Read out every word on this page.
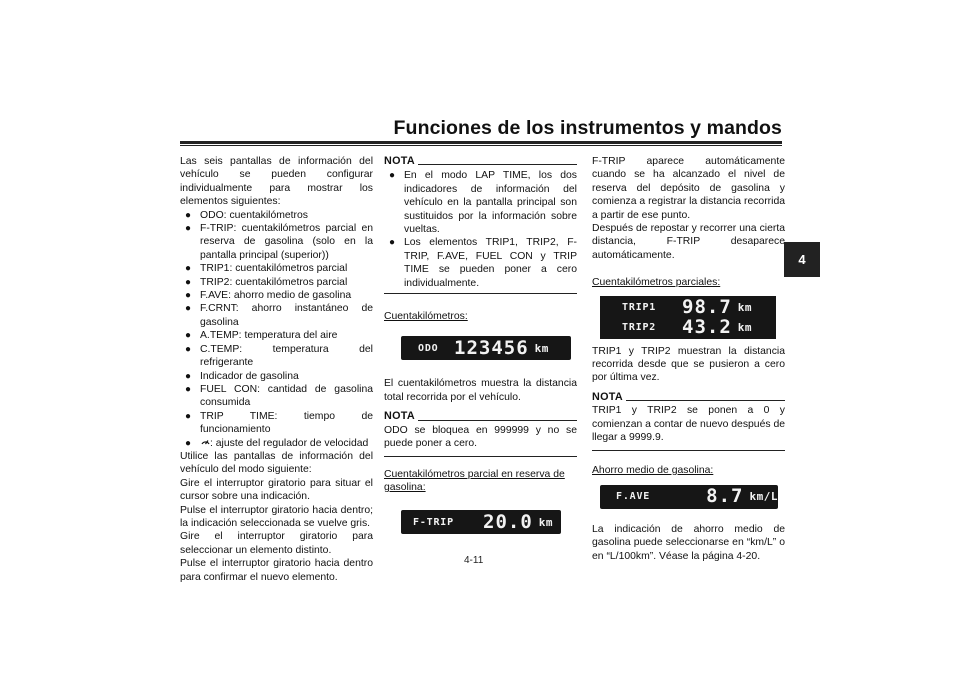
Funciones de los instrumentos y mandos
4

Las seis pantallas de información del vehículo se pueden configurar individualmente para mostrar los elementos siguientes:

● ODO: cuentakilómetros
● F-TRIP: cuentakilómetros parcial en reserva de gasolina (solo en la pantalla principal (superior))
● TRIP1: cuentakilómetros parcial
● TRIP2: cuentakilómetros parcial
● F.AVE: ahorro medio de gasolina
● F.CRNT: ahorro instantáneo de gasolina
● A.TEMP: temperatura del aire
● C.TEMP: temperatura del refrigerante
● Indicador de gasolina
● FUEL CON: cantidad de gasolina consumida
● TRIP TIME: tiempo de funcionamiento
● : ajuste del regulador de velocidad

Utilice las pantallas de información del vehículo del modo siguiente:

Gire el interruptor giratorio para situar el cursor sobre una indicación.

Pulse el interruptor giratorio hacia dentro; la indicación seleccionada se vuelve gris.

Gire el interruptor giratorio para seleccionar un elemento distinto.

Pulse el interruptor giratorio hacia dentro para confirmar el nuevo elemento.

NOTA
● En el modo LAP TIME, los dos indicadores de información del vehículo en la pantalla principal son sustituidos por la información sobre vueltas.
● Los elementos TRIP1, TRIP2, F-TRIP, F.AVE, FUEL CON y TRIP TIME se pueden poner a cero individualmente.

Cuentakilómetros:

ODO 123456 km

El cuentakilómetros muestra la distancia total recorrida por el vehículo.

NOTA

ODO se bloquea en 999999 y no se puede poner a cero.

Cuentakilómetros parcial en reserva de gasolina:

F-TRIP	20.0 km

F-TRIP aparece automáticamente cuando se ha alcanzado el nivel de reserva del depósito de gasolina y comienza a registrar la distancia recorrida a partir de ese punto.

Después de repostar y recorrer una cierta distancia, F-TRIP desaparece automáticamente.

Cuentakilómetros parciales:

TRIP1	98.7 km
TRIP2	43.2 km

TRIP1 y TRIP2 muestran la distancia recorrida desde que se pusieron a cero por última vez.

NOTA

TRIP1 y TRIP2 se ponen a 0 y comienzan a contar de nuevo después de llegar a 9999.9.

Ahorro medio de gasolina:

F.AVE	8.7 km/L

La indicación de ahorro medio de gasolina puede seleccionarse en “km/L” o en “L/100km”. Véase la página 4-20.

4-11
